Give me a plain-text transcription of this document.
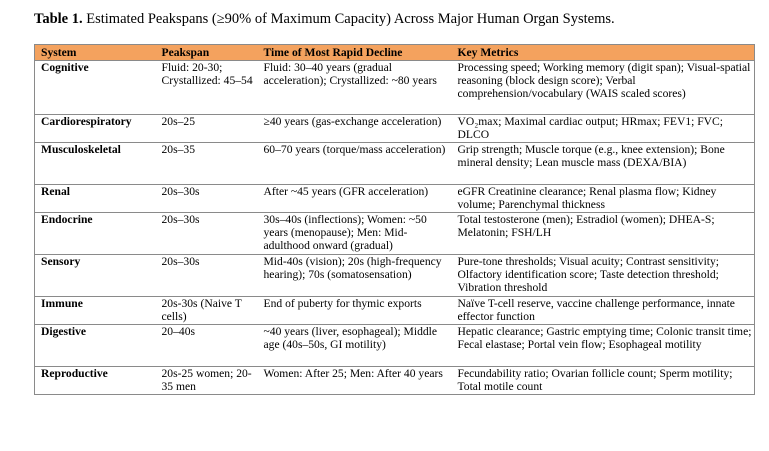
Table 1. Estimated Peakspans (≥90% of Maximum Capacity) Across Major Human Organ Systems.
System	Peakspan	Time of Most Rapid Decline	Key Metrics
Cognitive	Fluid: 20-30; Crystallized: 45–54	Fluid: 30–40 years (gradual acceleration); Crystallized: ~80 years	Processing speed; Working memory (digit span); Visual-spatial reasoning (block design score); Verbal comprehension/vocabulary (WAIS scaled scores)
Cardiorespiratory	20s–25	≥40 years (gas-exchange acceleration)	VO₂max; Maximal cardiac output; HRmax; FEV1; FVC; DLCO
Musculoskeletal	20s–35	60–70 years (torque/mass acceleration)	Grip strength; Muscle torque (e.g., knee extension); Bone mineral density; Lean muscle mass (DEXA/BIA)
Renal	20s–30s	After ~45 years (GFR acceleration)	eGFR Creatinine clearance; Renal plasma flow; Kidney volume; Parenchymal thickness
Endocrine	20s–30s	30s–40s (inflections); Women: ~50 years (menopause); Men: Mid-adulthood onward (gradual)	Total testosterone (men); Estradiol (women); DHEA-S; Melatonin; FSH/LH
Sensory	20s–30s	Mid-40s (vision); 20s (high-frequency hearing); 70s (somatosensation)	Pure-tone thresholds; Visual acuity; Contrast sensitivity; Olfactory identification score; Taste detection threshold; Vibration threshold
Immune	20s-30s (Naive T cells)	End of puberty for thymic exports	Naïve T-cell reserve, vaccine challenge performance, innate effector function
Digestive	20–40s	~40 years (liver, esophageal); Middle age (40s–50s, GI motility)	Hepatic clearance; Gastric emptying time; Colonic transit time; Fecal elastase; Portal vein flow; Esophageal motility
Reproductive	20s-25 women; 20-35 men	Women: After 25; Men: After 40 years	Fecundability ratio; Ovarian follicle count; Sperm motility; Total motile count
